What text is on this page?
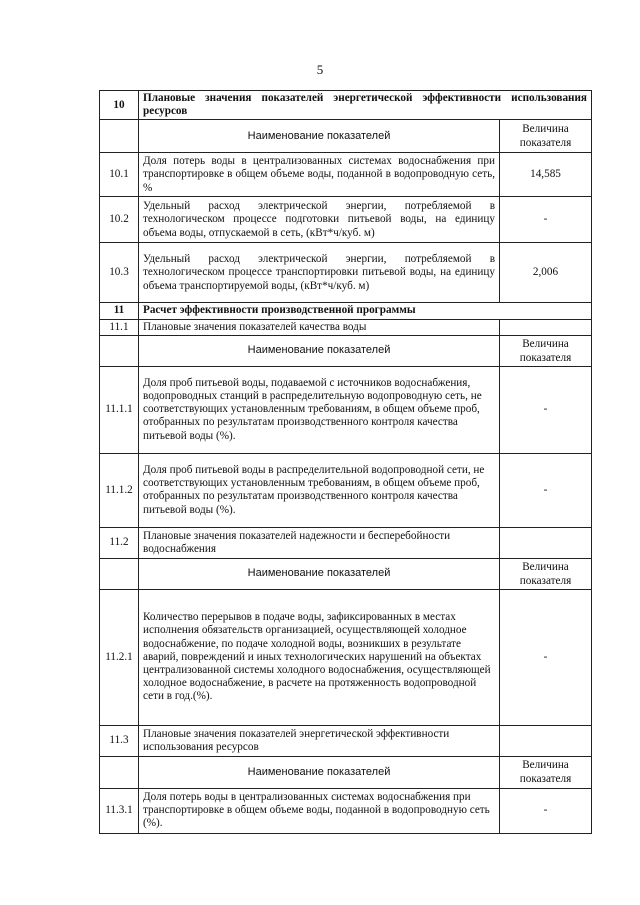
5
10	Плановые значения показателей энергетической эффективности использования ресурсов	
	Наименование показателей	Величина показателя
10.1	Доля потерь воды в централизованных системах водоснабжения при транспортировке в общем объеме воды, поданной в водопроводную сеть, %	14,585
10.2	Удельный расход электрической энергии, потребляемой в технологическом процессе подготовки питьевой воды, на единицу объема воды, отпускаемой в сеть, (кВт*ч/куб. м)	-
10.3	Удельный расход электрической энергии, потребляемой в технологическом процессе транспортировки питьевой воды, на единицу объема транспортируемой воды, (кВт*ч/куб. м)	2,006
11	Расчет эффективности производственной программы	
11.1	Плановые значения показателей качества воды	
	Наименование показателей	Величина показателя
11.1.1	Доля проб питьевой воды, подаваемой с источников водоснабжения, водопроводных станций в распределительную водопроводную сеть, не соответствующих установленным требованиям, в общем объеме проб, отобранных по результатам производственного контроля качества питьевой воды (%).	-
11.1.2	Доля проб питьевой воды в распределительной водопроводной сети, не соответствующих установленным требованиям, в общем объеме проб, отобранных по результатам производственного контроля качества питьевой воды (%).	-
11.2	Плановые значения показателей надежности и бесперебойности водоснабжения	
	Наименование показателей	Величина показателя
11.2.1	Количество перерывов в подаче воды, зафиксированных в местах исполнения обязательств организацией, осуществляющей холодное водоснабжение, по подаче холодной воды, возникших в результате аварий, повреждений и иных технологических нарушений на объектах централизованной системы холодного водоснабжения, осуществляющей холодное водоснабжение, в расчете на протяженность водопроводной сети в год.(%).	-
11.3	Плановые значения показателей энергетической эффективности использования ресурсов	
	Наименование показателей	Величина показателя
11.3.1	Доля потерь воды в централизованных системах водоснабжения при транспортировке в общем объеме воды, поданной в водопроводную сеть (%).	-
